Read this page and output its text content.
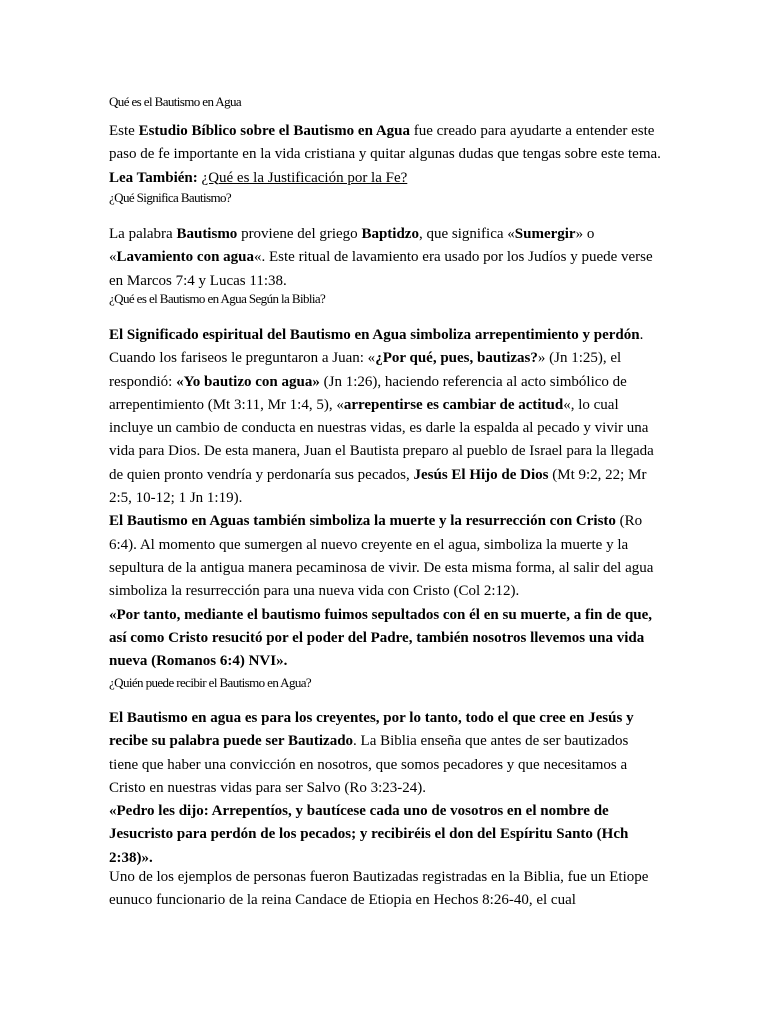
Qué es el Bautismo en Agua

Este Estudio Bíblico sobre el Bautismo en Agua fue creado para ayudarte a entender este paso de fe importante en la vida cristiana y quitar algunas dudas que tengas sobre este tema. Lea También: ¿Qué es la Justificación por la Fe?

¿Qué Significa Bautismo?

La palabra Bautismo proviene del griego Baptidzo, que significa «Sumergir» o «Lavamiento con agua«. Este ritual de lavamiento era usado por los Judíos y puede verse en Marcos 7:4 y Lucas 11:38.

¿Qué es el Bautismo en Agua Según la Biblia?

El Significado espiritual del Bautismo en Agua simboliza arrepentimiento y perdón. Cuando los fariseos le preguntaron a Juan: «¿Por qué, pues, bautizas?» (Jn 1:25), el respondió: «Yo bautizo con agua» (Jn 1:26), haciendo referencia al acto simbólico de arrepentimiento (Mt 3:11, Mr 1:4, 5), «arrepentirse es cambiar de actitud«, lo cual incluye un cambio de conducta en nuestras vidas, es darle la espalda al pecado y vivir una vida para Dios. De esta manera, Juan el Bautista preparo al pueblo de Israel para la llegada de quien pronto vendría y perdonaría sus pecados, Jesús El Hijo de Dios (Mt 9:2, 22; Mr 2:5, 10-12; 1 Jn 1:19).

El Bautismo en Aguas también simboliza la muerte y la resurrección con Cristo (Ro 6:4). Al momento que sumergen al nuevo creyente en el agua, simboliza la muerte y la sepultura de la antigua manera pecaminosa de vivir. De esta misma forma, al salir del agua simboliza la resurrección para una nueva vida con Cristo (Col 2:12).

«Por tanto, mediante el bautismo fuimos sepultados con él en su muerte, a fin de que, así como Cristo resucitó por el poder del Padre, también nosotros llevemos una vida nueva (Romanos 6:4) NVI».

¿Quién puede recibir el Bautismo en Agua?

El Bautismo en agua es para los creyentes, por lo tanto, todo el que cree en Jesús y recibe su palabra puede ser Bautizado. La Biblia enseña que antes de ser bautizados tiene que haber una convicción en nosotros, que somos pecadores y que necesitamos a Cristo en nuestras vidas para ser Salvo (Ro 3:23-24).

«Pedro les dijo: Arrepentíos, y bautícese cada uno de vosotros en el nombre de Jesucristo para perdón de los pecados; y recibiréis el don del Espíritu Santo (Hch 2:38)».

Uno de los ejemplos de personas fueron Bautizadas registradas en la Biblia, fue un Etiope eunuco funcionario de la reina Candace de Etiopia en Hechos 8:26-40, el cual
